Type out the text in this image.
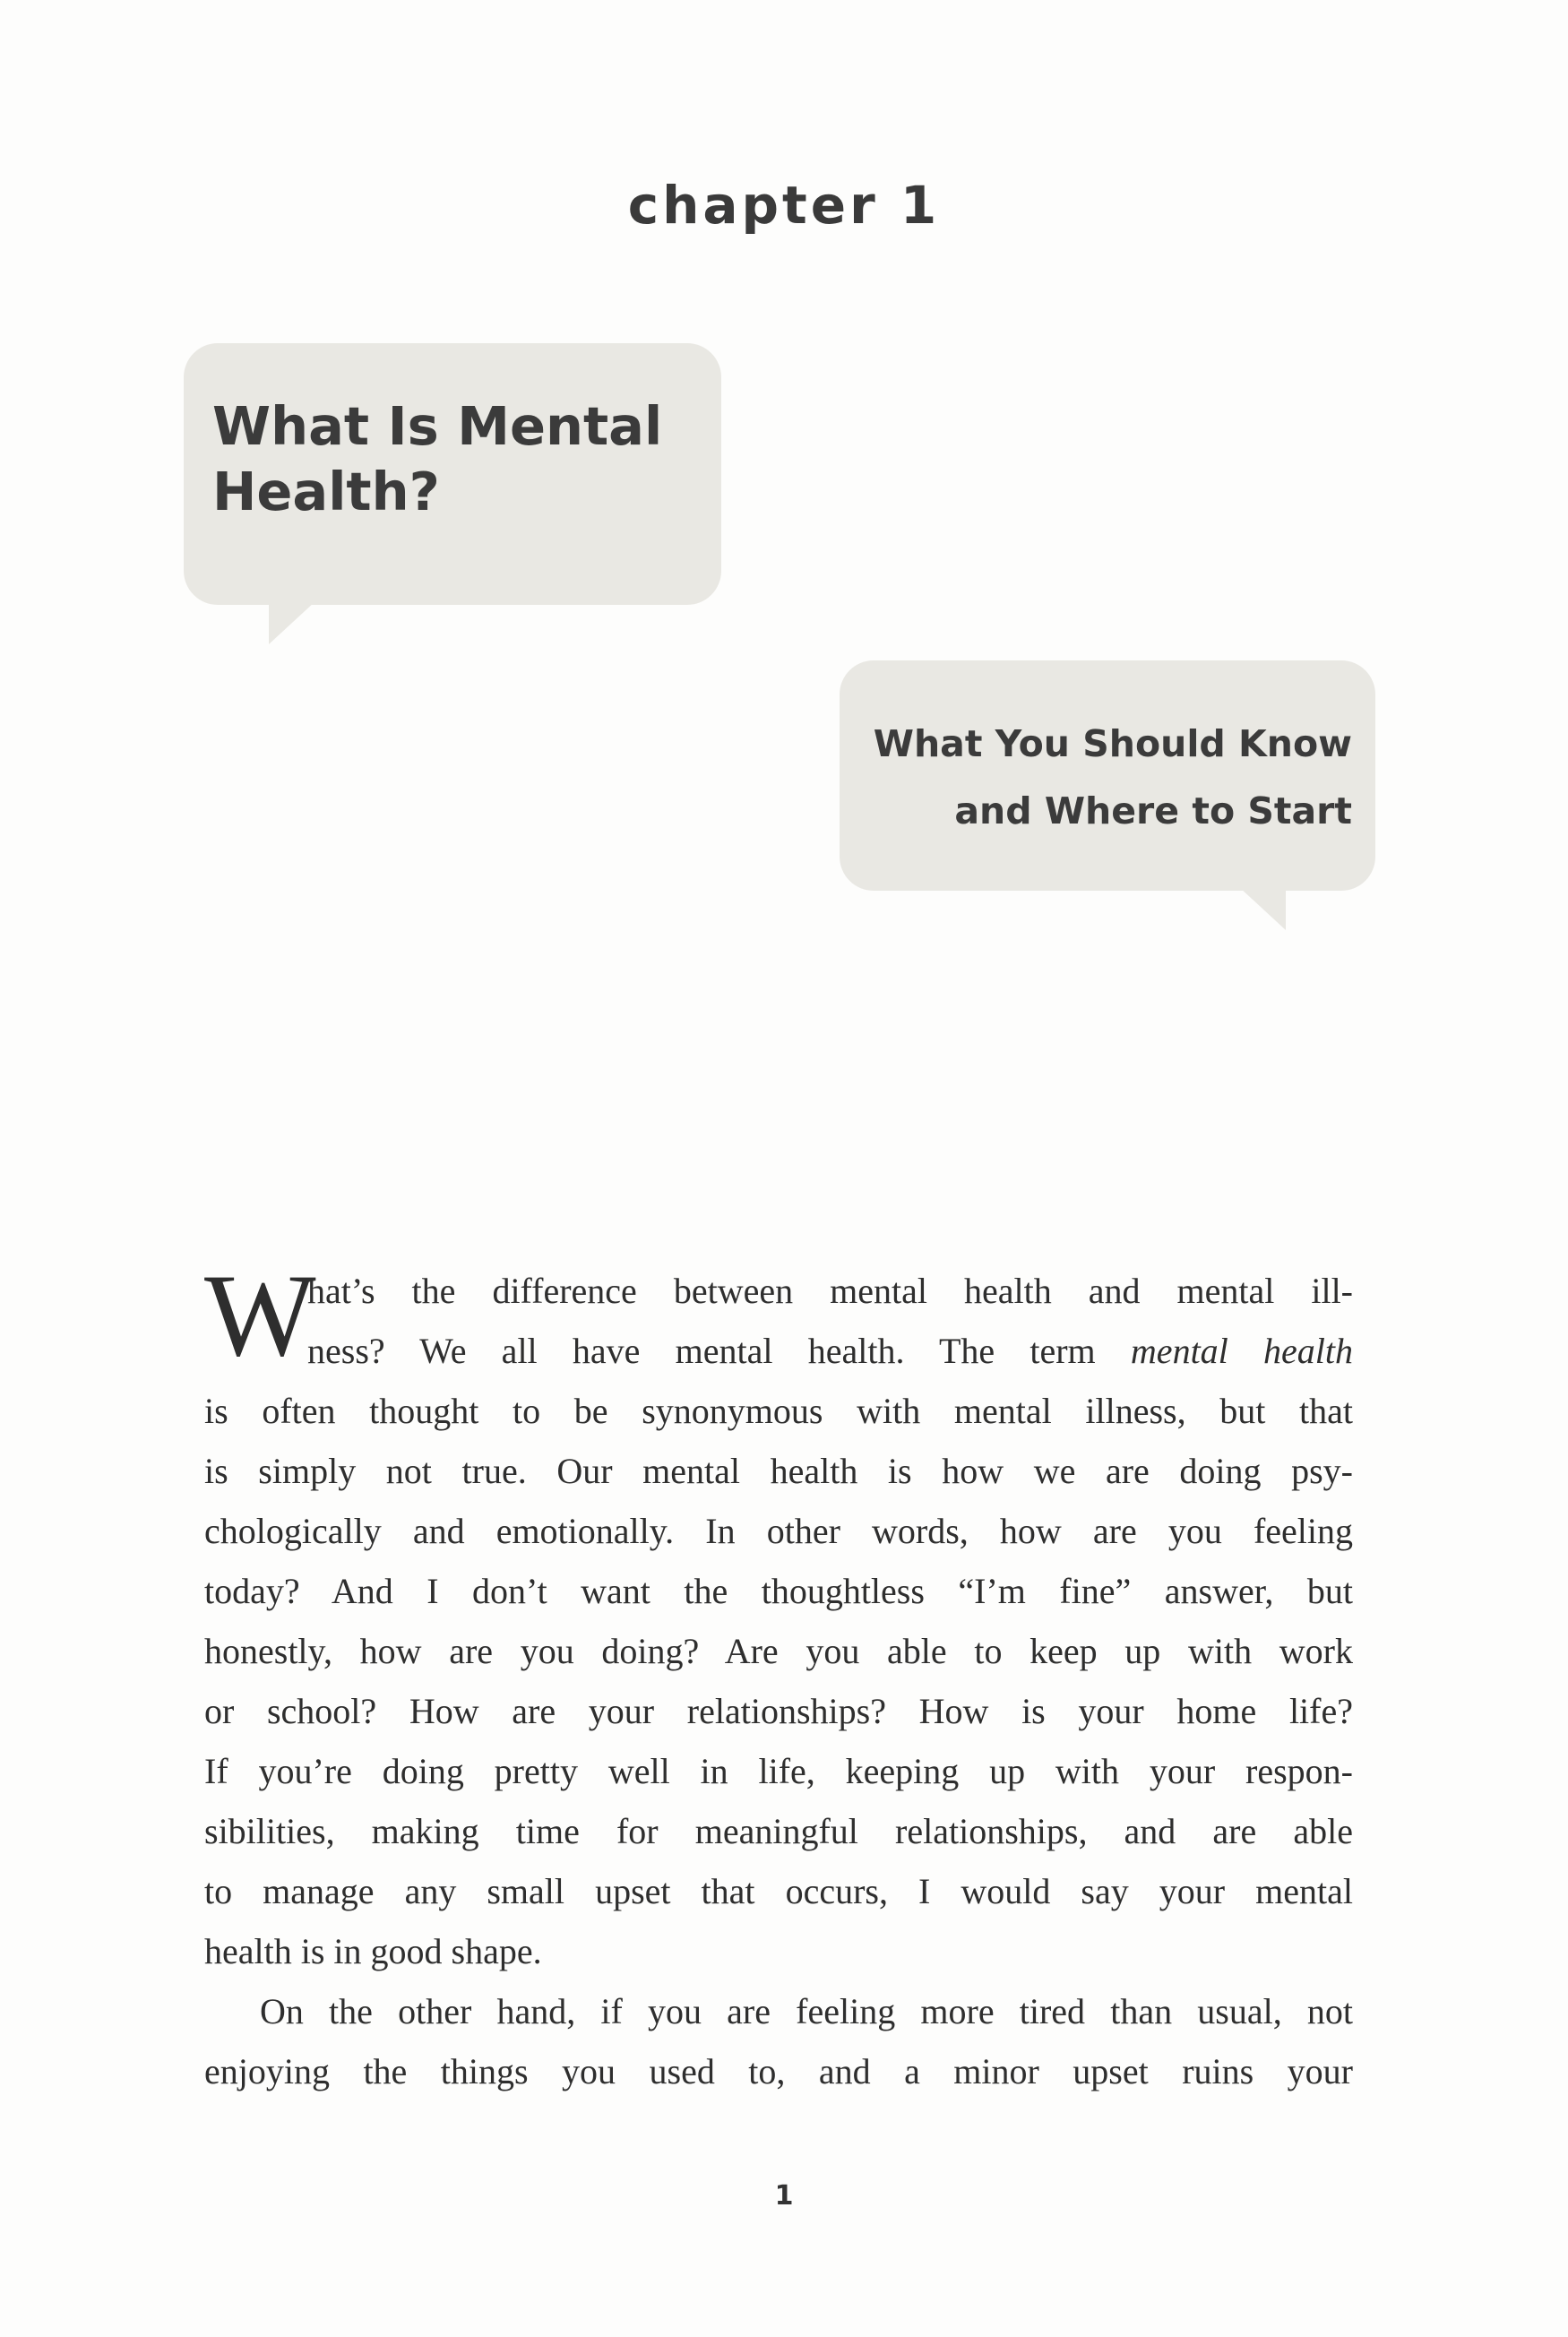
chapter 1
What Is Mental
Health?
What You Should Know
and Where to Start
W
hat’s the difference between mental health and mental ill-
ness? We all have mental health. The term mental health
is often thought to be synonymous with mental illness, but that
is simply not true. Our mental health is how we are doing psy-
chologically and emotionally. In other words, how are you feeling
today? And I don’t want the thoughtless “I’m fine” answer, but
honestly, how are you doing? Are you able to keep up with work
or school? How are your relationships? How is your home life?
If you’re doing pretty well in life, keeping up with your respon-
sibilities, making time for meaningful relationships, and are able
to manage any small upset that occurs, I would say your mental
health is in good shape.
On the other hand, if you are feeling more tired than usual, not
enjoying the things you used to, and a minor upset ruins your
1
